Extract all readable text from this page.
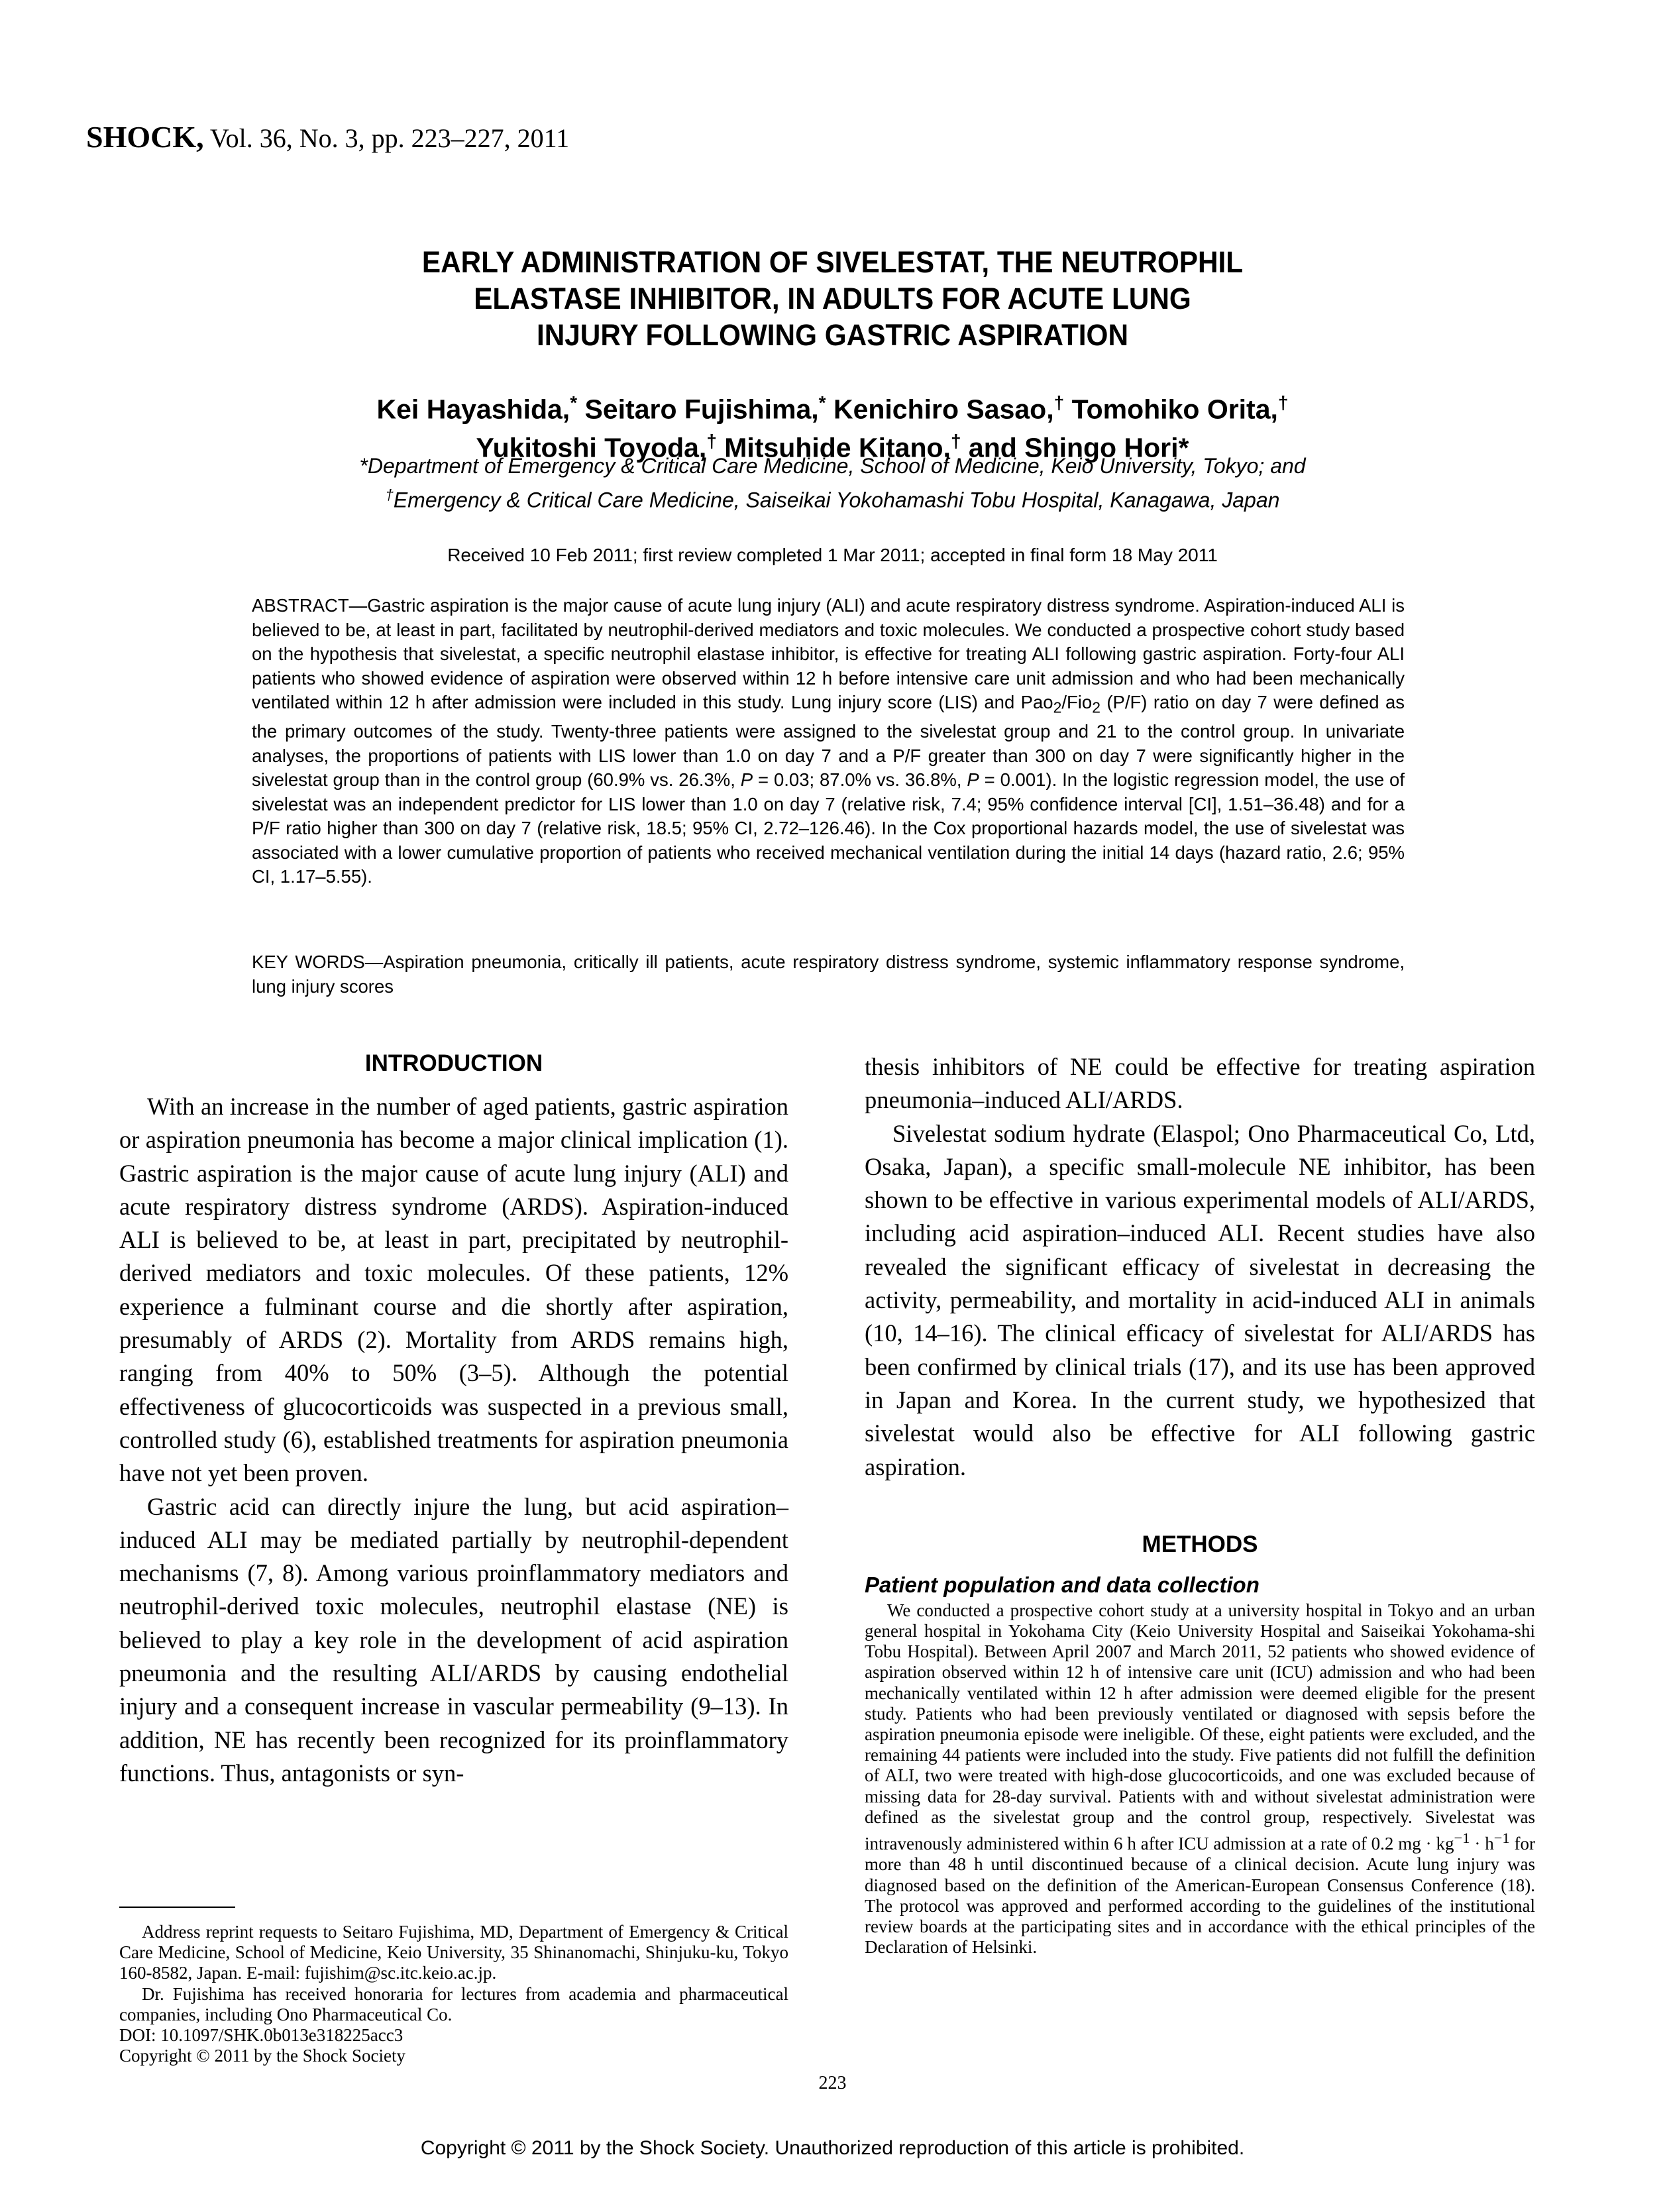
SHOCK, Vol. 36, No. 3, pp. 223–227, 2011
EARLY ADMINISTRATION OF SIVELESTAT, THE NEUTROPHIL
ELASTASE INHIBITOR, IN ADULTS FOR ACUTE LUNG
INJURY FOLLOWING GASTRIC ASPIRATION
Kei Hayashida,* Seitaro Fujishima,* Kenichiro Sasao,† Tomohiko Orita,†
Yukitoshi Toyoda,† Mitsuhide Kitano,† and Shingo Hori*
*Department of Emergency & Critical Care Medicine, School of Medicine, Keio University, Tokyo; and
†Emergency & Critical Care Medicine, Saiseikai Yokohamashi Tobu Hospital, Kanagawa, Japan
Received 10 Feb 2011; first review completed 1 Mar 2011; accepted in final form 18 May 2011
ABSTRACT—Gastric aspiration is the major cause of acute lung injury (ALI) and acute respiratory distress syndrome. Aspiration-induced ALI is believed to be, at least in part, facilitated by neutrophil-derived mediators and toxic molecules. We conducted a prospective cohort study based on the hypothesis that sivelestat, a specific neutrophil elastase inhibitor, is effective for treating ALI following gastric aspiration. Forty-four ALI patients who showed evidence of aspiration were observed within 12 h before intensive care unit admission and who had been mechanically ventilated within 12 h after admission were included in this study. Lung injury score (LIS) and Pao$_2$/Fio$_2$ (P/F) ratio on day 7 were defined as the primary outcomes of the study. Twenty-three patients were assigned to the sivelestat group and 21 to the control group. In univariate analyses, the proportions of patients with LIS lower than 1.0 on day 7 and a P/F greater than 300 on day 7 were significantly higher in the sivelestat group than in the control group (60.9% vs. 26.3%, P = 0.03; 87.0% vs. 36.8%, P = 0.001). In the logistic regression model, the use of sivelestat was an independent predictor for LIS lower than 1.0 on day 7 (relative risk, 7.4; 95% confidence interval [CI], 1.51–36.48) and for a P/F ratio higher than 300 on day 7 (relative risk, 18.5; 95% CI, 2.72–126.46). In the Cox proportional hazards model, the use of sivelestat was associated with a lower cumulative proportion of patients who received mechanical ventilation during the initial 14 days (hazard ratio, 2.6; 95% CI, 1.17–5.55).
KEY WORDS—Aspiration pneumonia, critically ill patients, acute respiratory distress syndrome, systemic inflammatory response syndrome, lung injury scores
INTRODUCTION

With an increase in the number of aged patients, gastric aspiration or aspiration pneumonia has become a major clinical implication (1). Gastric aspiration is the major cause of acute lung injury (ALI) and acute respiratory distress syndrome (ARDS). Aspiration-induced ALI is believed to be, at least in part, precipitated by neutrophil-derived mediators and toxic molecules. Of these patients, 12% experience a fulminant course and die shortly after aspiration, presumably of ARDS (2). Mortality from ARDS remains high, ranging from 40% to 50% (3–5). Although the potential effectiveness of glucocorticoids was suspected in a previous small, controlled study (6), established treatments for aspiration pneumonia have not yet been proven.

Gastric acid can directly injure the lung, but acid aspiration–induced ALI may be mediated partially by neutrophil-dependent mechanisms (7, 8). Among various proinflammatory mediators and neutrophil-derived toxic molecules, neutrophil elastase (NE) is believed to play a key role in the development of acid aspiration pneumonia and the resulting ALI/ARDS by causing endothelial injury and a consequent increase in vascular permeability (9–13). In addition, NE has recently been recognized for its proinflammatory functions. Thus, antagonists or syn-

thesis inhibitors of NE could be effective for treating aspiration pneumonia–induced ALI/ARDS.

Sivelestat sodium hydrate (Elaspol; Ono Pharmaceutical Co, Ltd, Osaka, Japan), a specific small-molecule NE inhibitor, has been shown to be effective in various experimental models of ALI/ARDS, including acid aspiration–induced ALI. Recent studies have also revealed the significant efficacy of sivelestat in decreasing the activity, permeability, and mortality in acid-induced ALI in animals (10, 14–16). The clinical efficacy of sivelestat for ALI/ARDS has been confirmed by clinical trials (17), and its use has been approved in Japan and Korea. In the current study, we hypothesized that sivelestat would also be effective for ALI following gastric aspiration.

METHODS
Patient population and data collection

We conducted a prospective cohort study at a university hospital in Tokyo and an urban general hospital in Yokohama City (Keio University Hospital and Saiseikai Yokohama-shi Tobu Hospital). Between April 2007 and March 2011, 52 patients who showed evidence of aspiration observed within 12 h of intensive care unit (ICU) admission and who had been mechanically ventilated within 12 h after admission were deemed eligible for the present study. Patients who had been previously ventilated or diagnosed with sepsis before the aspiration pneumonia episode were ineligible. Of these, eight patients were excluded, and the remaining 44 patients were included into the study. Five patients did not fulfill the definition of ALI, two were treated with high-dose glucocorticoids, and one was excluded because of missing data for 28-day survival. Patients with and without sivelestat administration were defined as the sivelestat group and the control group, respectively. Sivelestat was intravenously administered within 6 h after ICU admission at a rate of 0.2 mg · $kg^{-1} \cdot h^{-1}$ for more than 48 h until discontinued because of a clinical decision. Acute lung injury was diagnosed based on the definition of the American-European Consensus Conference (18). The protocol was approved and performed according to the guidelines of the institutional review boards at the participating sites and in accordance with the ethical principles of the Declaration of Helsinki.

Address reprint requests to Seitaro Fujishima, MD, Department of Emergency & Critical Care Medicine, School of Medicine, Keio University, 35 Shinanomachi, Shinjuku-ku, Tokyo 160-8582, Japan. E-mail: fujishim@sc.itc.keio.ac.jp.

Dr. Fujishima has received honoraria for lectures from academia and pharmaceutical companies, including Ono Pharmaceutical Co.

DOI: 10.1097/SHK.0b013e318225acc3

Copyright © 2011 by the Shock Society

223
Copyright © 2011 by the Shock Society. Unauthorized reproduction of this article is prohibited.
